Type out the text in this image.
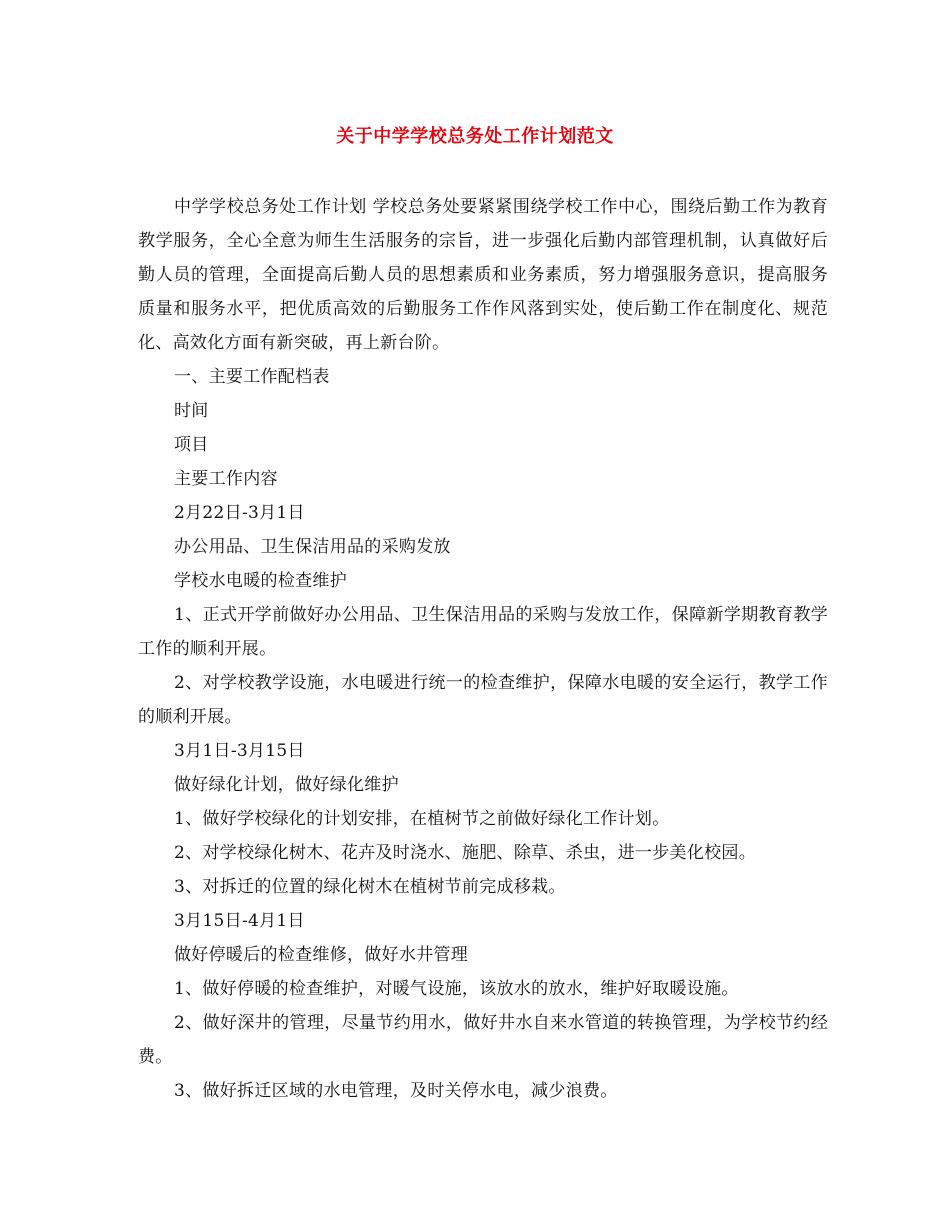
关于中学学校总务处工作计划范文

中学学校总务处工作计划 学校总务处要紧紧围绕学校工作中心，围绕后勤工作为教育教学服务，全心全意为师生生活服务的宗旨，进一步强化后勤内部管理机制，认真做好后勤人员的管理，全面提高后勤人员的思想素质和业务素质，努力增强服务意识，提高服务质量和服务水平，把优质高效的后勤服务工作作风落到实处，使后勤工作在制度化、规范化、高效化方面有新突破，再上新台阶。

一、主要工作配档表

时间

项目

主要工作内容

2月22日-3月1日

办公用品、卫生保洁用品的采购发放

学校水电暖的检查维护

1、正式开学前做好办公用品、卫生保洁用品的采购与发放工作，保障新学期教育教学工作的顺利开展。

2、对学校教学设施，水电暖进行统一的检查维护，保障水电暖的安全运行，教学工作的顺利开展。

3月1日-3月15日

做好绿化计划，做好绿化维护

1、做好学校绿化的计划安排，在植树节之前做好绿化工作计划。

2、对学校绿化树木、花卉及时浇水、施肥、除草、杀虫，进一步美化校园。

3、对拆迁的位置的绿化树木在植树节前完成移栽。

3月15日-4月1日

做好停暖后的检查维修，做好水井管理

1、做好停暖的检查维护，对暖气设施，该放水的放水，维护好取暖设施。

2、做好深井的管理，尽量节约用水，做好井水自来水管道的转换管理，为学校节约经费。

3、做好拆迁区域的水电管理，及时关停水电，减少浪费。
